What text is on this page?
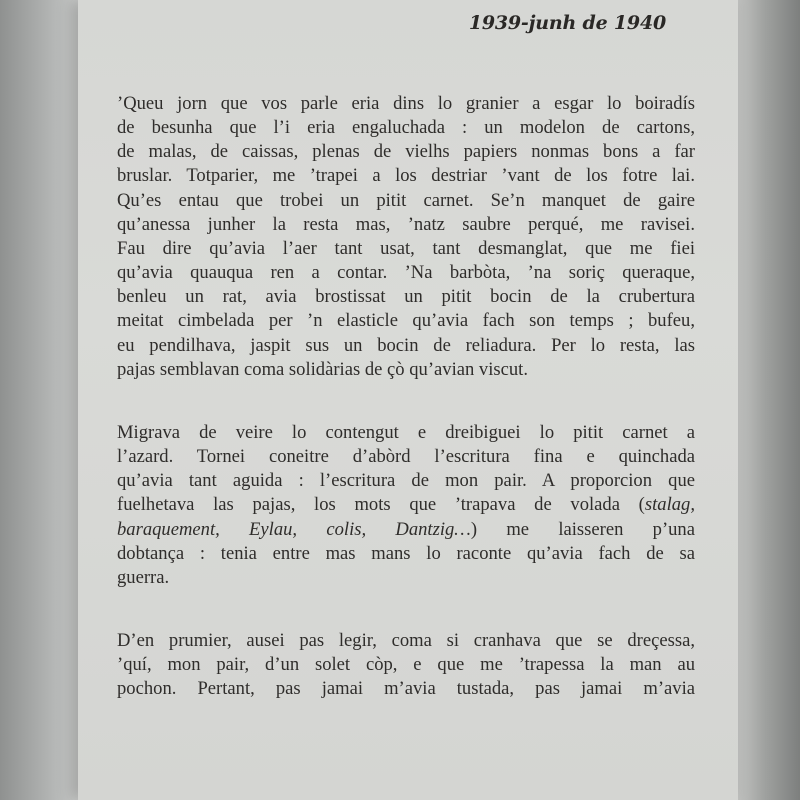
1939-junh de 1940
’Queu jorn que vos parle eria dins lo granier a esgar lo boiradís
de besunha que l’i eria engaluchada : un modelon de cartons,
de malas, de caissas, plenas de vielhs papiers nonmas bons a far
bruslar. Totparier, me ’trapei a los destriar ’vant de los fotre lai.
Qu’es entau que trobei un pitit carnet. Se’n manquet de gaire
qu’anessa junher la resta mas, ’natz saubre perqué, me ravisei.
Fau dire qu’avia l’aer tant usat, tant desmanglat, que me fiei
qu’avia quauqua ren a contar. ’Na barbòta, ’na soriç queraque,
benleu un rat, avia brostissat un pitit bocin de la crubertura
meitat cimbelada per ’n elasticle qu’avia fach son temps ; bufeu,
eu pendilhava, jaspit sus un bocin de reliadura. Per lo resta, las
pajas semblavan coma solidàrias de çò qu’avian viscut.
Migrava de veire lo contengut e dreibiguei lo pitit carnet a
l’azard. Tornei coneitre d’abòrd l’escritura fina e quinchada
qu’avia tant aguida : l’escritura de mon pair. A proporcion que
fuelhetava las pajas, los mots que ’trapava de volada (stalag,
baraquement, Eylau, colis, Dantzig…) me laisseren p’una
dobtança : tenia entre mas mans lo raconte qu’avia fach de sa
guerra.
D’en prumier, ausei pas legir, coma si cranhava que se dreçessa,
’quí, mon pair, d’un solet còp, e que me ’trapessa la man au
pochon. Pertant, pas jamai m’avia tustada, pas jamai m’avia
